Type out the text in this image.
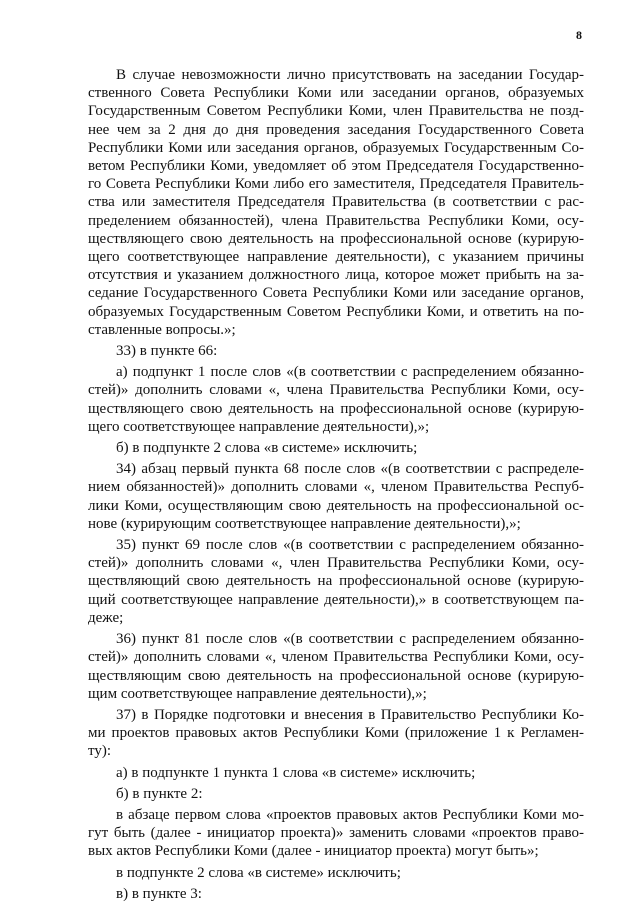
8
В случае невозможности лично присутствовать на заседании Государ-
ственного Совета Республики Коми или заседании органов, образуемых
Государственным Советом Республики Коми, член Правительства не позд-
нее чем за 2 дня до дня проведения заседания Государственного Совета
Республики Коми или заседания органов, образуемых Государственным Со-
ветом Республики Коми, уведомляет об этом Председателя Государственно-
го Совета Республики Коми либо его заместителя, Председателя Правитель-
ства или заместителя Председателя Правительства (в соответствии с рас-
пределением обязанностей), члена Правительства Республики Коми, осу-
ществляющего свою деятельность на профессиональной основе (курирую-
щего соответствующее направление деятельности), с указанием причины
отсутствия и указанием должностного лица, которое может прибыть на за-
седание Государственного Совета Республики Коми или заседание органов,
образуемых Государственным Советом Республики Коми, и ответить на по-
ставленные вопросы.»;
33) в пункте 66:
а) подпункт 1 после слов «(в соответствии с распределением обязанно-
стей)» дополнить словами «, члена Правительства Республики Коми, осу-
ществляющего свою деятельность на профессиональной основе (курирую-
щего соответствующее направление деятельности),»;
б) в подпункте 2 слова «в системе» исключить;
34) абзац первый пункта 68 после слов «(в соответствии с распределе-
нием обязанностей)» дополнить словами «, членом Правительства Респуб-
лики Коми, осуществляющим свою деятельность на профессиональной ос-
нове (курирующим соответствующее направление деятельности),»;
35) пункт 69 после слов «(в соответствии с распределением обязанно-
стей)» дополнить словами «, член Правительства Республики Коми, осу-
ществляющий свою деятельность на профессиональной основе (курирую-
щий соответствующее направление деятельности),» в соответствующем па-
деже;
36) пункт 81 после слов «(в соответствии с распределением обязанно-
стей)» дополнить словами «, членом Правительства Республики Коми, осу-
ществляющим свою деятельность на профессиональной основе (курирую-
щим соответствующее направление деятельности),»;
37) в Порядке подготовки и внесения в Правительство Республики Ко-
ми проектов правовых актов Республики Коми (приложение 1 к Регламен-
ту):
а) в подпункте 1 пункта 1 слова «в системе» исключить;
б) в пункте 2:
в абзаце первом слова «проектов правовых актов Республики Коми мо-
гут быть (далее - инициатор проекта)» заменить словами «проектов право-
вых актов Республики Коми (далее - инициатор проекта) могут быть»;
в подпункте 2 слова «в системе» исключить;
в) в пункте 3:
